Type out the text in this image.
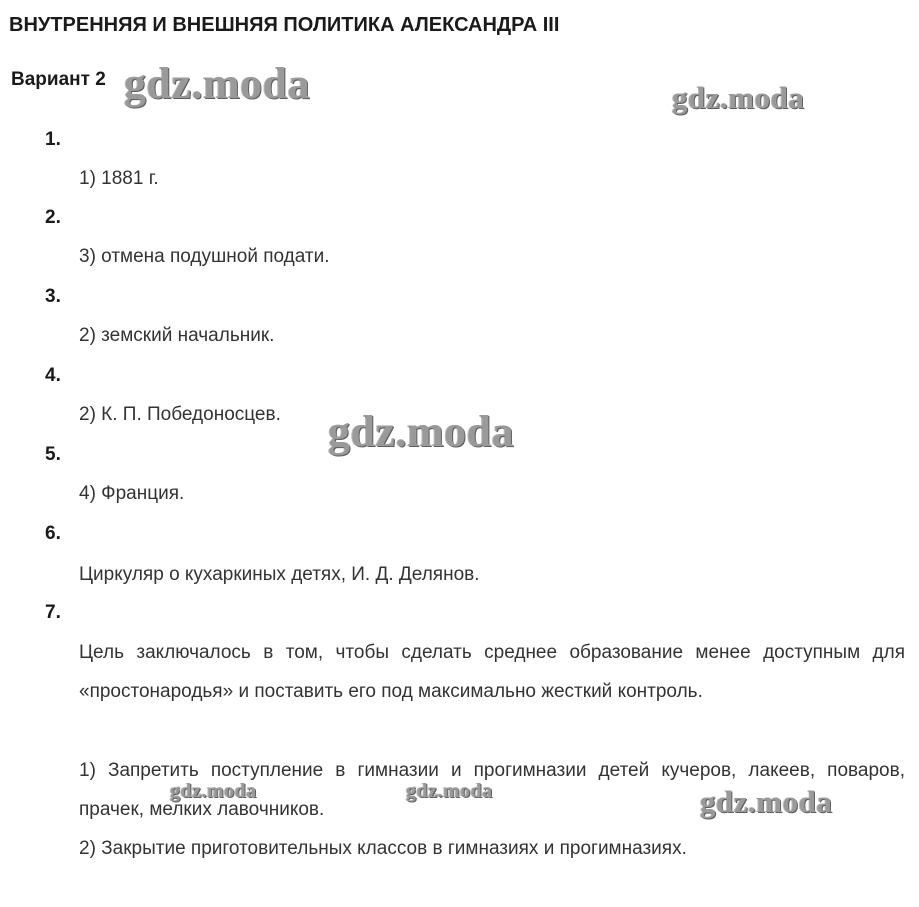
ВНУТРЕННЯЯ И ВНЕШНЯЯ ПОЛИТИКА АЛЕКСАНДРА III
Вариант 2
1.
1) 1881 г.
2.
3) отмена подушной подати.
3.
2) земский начальник.
4.
2) К. П. Победоносцев.
5.
4) Франция.
6.
Циркуляр о кухаркиных детях, И. Д. Делянов.
7.
Цель заключалось в том, чтобы сделать среднее образование менее доступным для «простонародья» и поставить его под максимально жесткий контроль.
1) Запретить поступление в гимназии и прогимназии детей кучеров, лакеев, поваров, прачек, мелких лавочников.
2) Закрытие приготовительных классов в гимназиях и прогимназиях.
gdz.moda	gdz.moda
gdz.moda
gdz.moda	gdz.moda	gdz.moda
